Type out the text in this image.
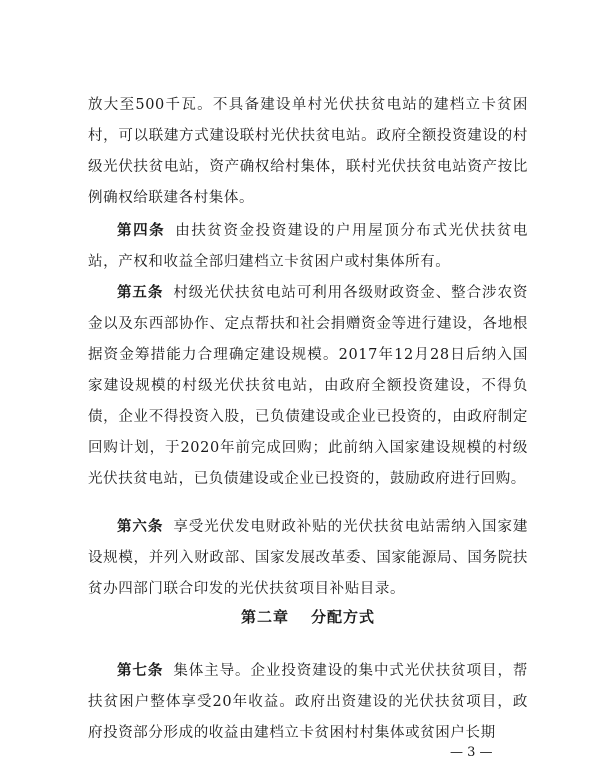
放大至500千瓦。不具备建设单村光伏扶贫电站的建档立卡贫困村，可以联建方式建设联村光伏扶贫电站。政府全额投资建设的村级光伏扶贫电站，资产确权给村集体，联村光伏扶贫电站资产按比例确权给联建各村集体。

第四条 由扶贫资金投资建设的户用屋顶分布式光伏扶贫电站，产权和收益全部归建档立卡贫困户或村集体所有。

第五条 村级光伏扶贫电站可利用各级财政资金、整合涉农资金以及东西部协作、定点帮扶和社会捐赠资金等进行建设，各地根据资金筹措能力合理确定建设规模。2017年12月28日后纳入国家建设规模的村级光伏扶贫电站，由政府全额投资建设，不得负债，企业不得投资入股，已负债建设或企业已投资的，由政府制定回购计划，于2020年前完成回购；此前纳入国家建设规模的村级光伏扶贫电站，已负债建设或企业已投资的，鼓励政府进行回购。

第六条 享受光伏发电财政补贴的光伏扶贫电站需纳入国家建设规模，并列入财政部、国家发展改革委、国家能源局、国务院扶贫办四部门联合印发的光伏扶贫项目补贴目录。

第二章 分配方式

第七条 集体主导。企业投资建设的集中式光伏扶贫项目，帮扶贫困户整体享受20年收益。政府出资建设的光伏扶贫项目，政府投资部分形成的收益由建档立卡贫困村村集体或贫困户长期

— 3 —
